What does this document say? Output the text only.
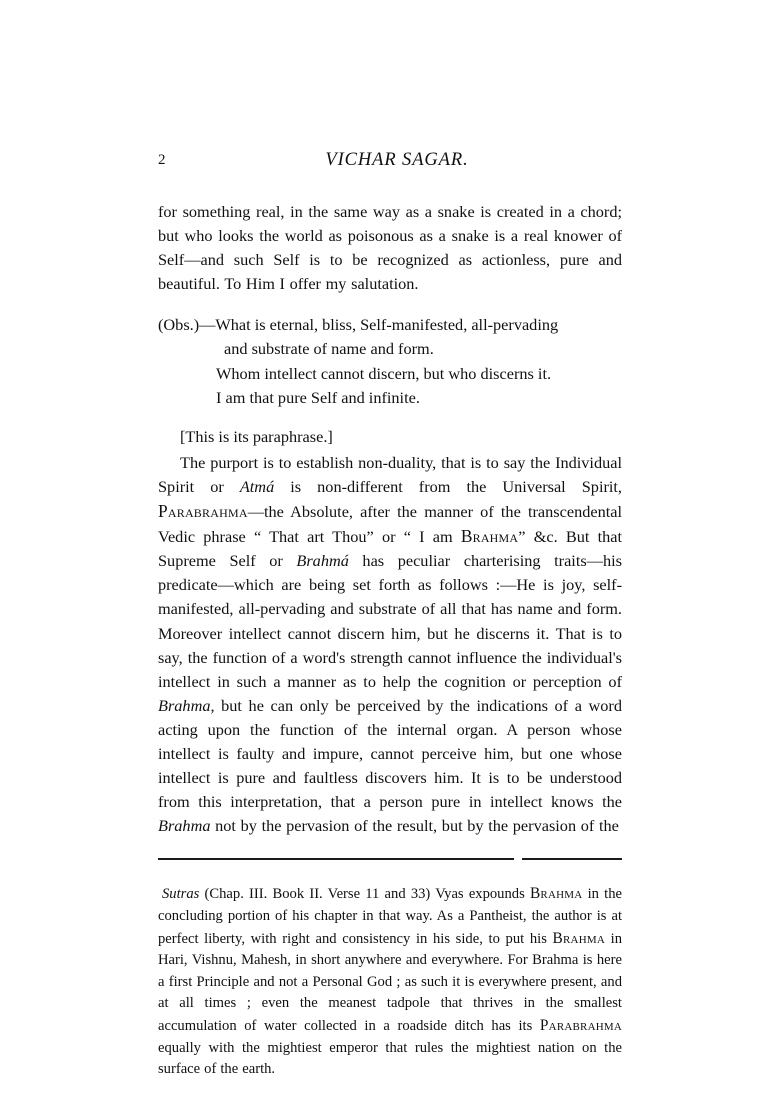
2	VICHAR SAGAR.

for something real, in the same way as a snake is created in a chord; but who looks the world as poisonous as a snake is a real knower of Self—and such Self is to be recognized as actionless, pure and beautiful. To Him I offer my salutation.

(Obs.)—What is eternal, bliss, Self-manifested, all-pervading
and substrate of name and form.
Whom intellect cannot discern, but who discerns it.
I am that pure Self and infinite.
[This is its paraphrase.]

The purport is to establish non-duality, that is to say the Individual Spirit or Atmá is non-different from the Universal Spirit, Parabrahma—the Absolute, after the manner of the transcendental Vedic phrase “ That art Thou” or “ I am Brahma” &c. But that Supreme Self or Brahmá has peculiar charterising traits—his predicate—which are being set forth as follows :—He is joy, self-manifested, all-pervading and substrate of all that has name and form. Moreover intellect cannot discern him, but he discerns it. That is to say, the function of a word's strength cannot influence the individual's intellect in such a manner as to help the cognition or perception of Brahma, but he can only be perceived by the indications of a word acting upon the function of the internal organ. A person whose intellect is faulty and impure, cannot perceive him, but one whose intellect is pure and faultless discovers him. It is to be understood from this interpretation, that a person pure in intellect knows the Brahma not by the pervasion of the result, but by the pervasion of the

Sutras (Chap. III. Book II. Verse 11 and 33) Vyas expounds Brahma in the concluding portion of his chapter in that way. As a Pantheist, the author is at perfect liberty, with right and consistency in his side, to put his Brahma in Hari, Vishnu, Mahesh, in short anywhere and everywhere. For Brahma is here a first Principle and not a Personal God ; as such it is everywhere present, and at all times ; even the meanest tadpole that thrives in the smallest accumulation of water collected in a roadside ditch has its Parabrahma equally with the mightiest emperor that rules the mightiest nation on the surface of the earth.
